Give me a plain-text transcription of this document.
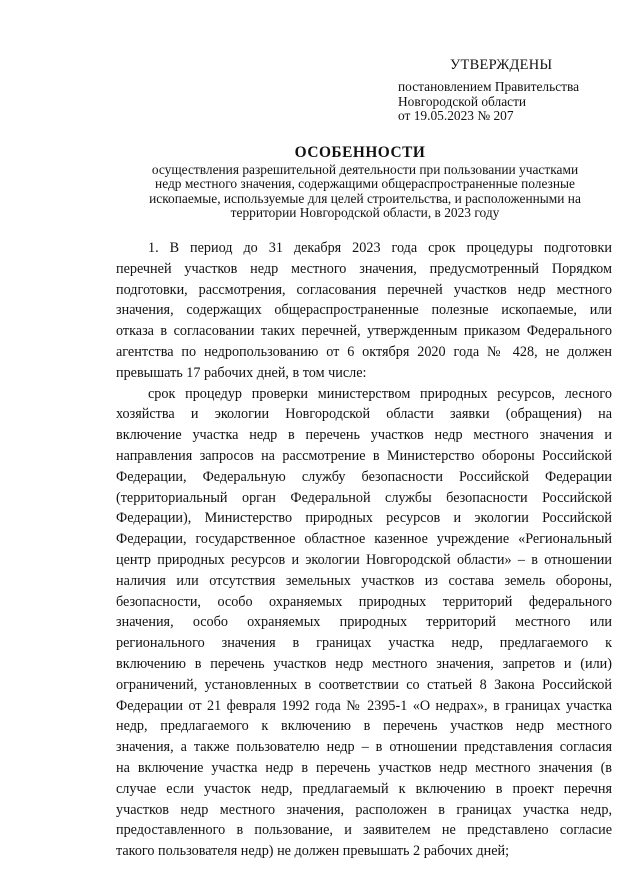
УТВЕРЖДЕНЫ
постановлением Правительства
Новгородской области
от 19.05.2023 № 207
ОСОБЕННОСТИ
осуществления разрешительной деятельности при пользовании участками
недр местного значения, содержащими общераспространенные полезные
ископаемые, используемые для целей строительства, и расположенными на
территории Новгородской области, в 2023 году
1. В период до 31 декабря 2023 года срок процедуры подготовки
перечней участков недр местного значения, предусмотренный Порядком
подготовки, рассмотрения, согласования перечней участков недр местного
значения, содержащих общераспространенные полезные ископаемые, или
отказа в согласовании таких перечней, утвержденным приказом Федерального
агентства по недропользованию от 6 октября 2020 года № 428, не должен
превышать 17 рабочих дней, в том числе:
срок процедур проверки министерством природных ресурсов, лесного
хозяйства и экологии Новгородской области заявки (обращения) на
включение участка недр в перечень участков недр местного значения и
направления запросов на рассмотрение в Министерство обороны Российской
Федерации, Федеральную службу безопасности Российской Федерации
(территориальный орган Федеральной службы безопасности Российской
Федерации), Министерство природных ресурсов и экологии Российской
Федерации, государственное областное казенное учреждение «Региональный
центр природных ресурсов и экологии Новгородской области» – в отношении
наличия или отсутствия земельных участков из состава земель обороны,
безопасности, особо охраняемых природных территорий федерального
значения, особо охраняемых природных территорий местного или
регионального значения в границах участка недр, предлагаемого к
включению в перечень участков недр местного значения, запретов и (или)
ограничений, установленных в соответствии со статьей 8 Закона Российской
Федерации от 21 февраля 1992 года № 2395-1 «О недрах», в границах участка
недр, предлагаемого к включению в перечень участков недр местного
значения, а также пользователю недр – в отношении представления согласия
на включение участка недр в перечень участков недр местного значения (в
случае если участок недр, предлагаемый к включению в проект перечня
участков недр местного значения, расположен в границах участка недр,
предоставленного в пользование, и заявителем не представлено согласие
такого пользователя недр) не должен превышать 2 рабочих дней;
